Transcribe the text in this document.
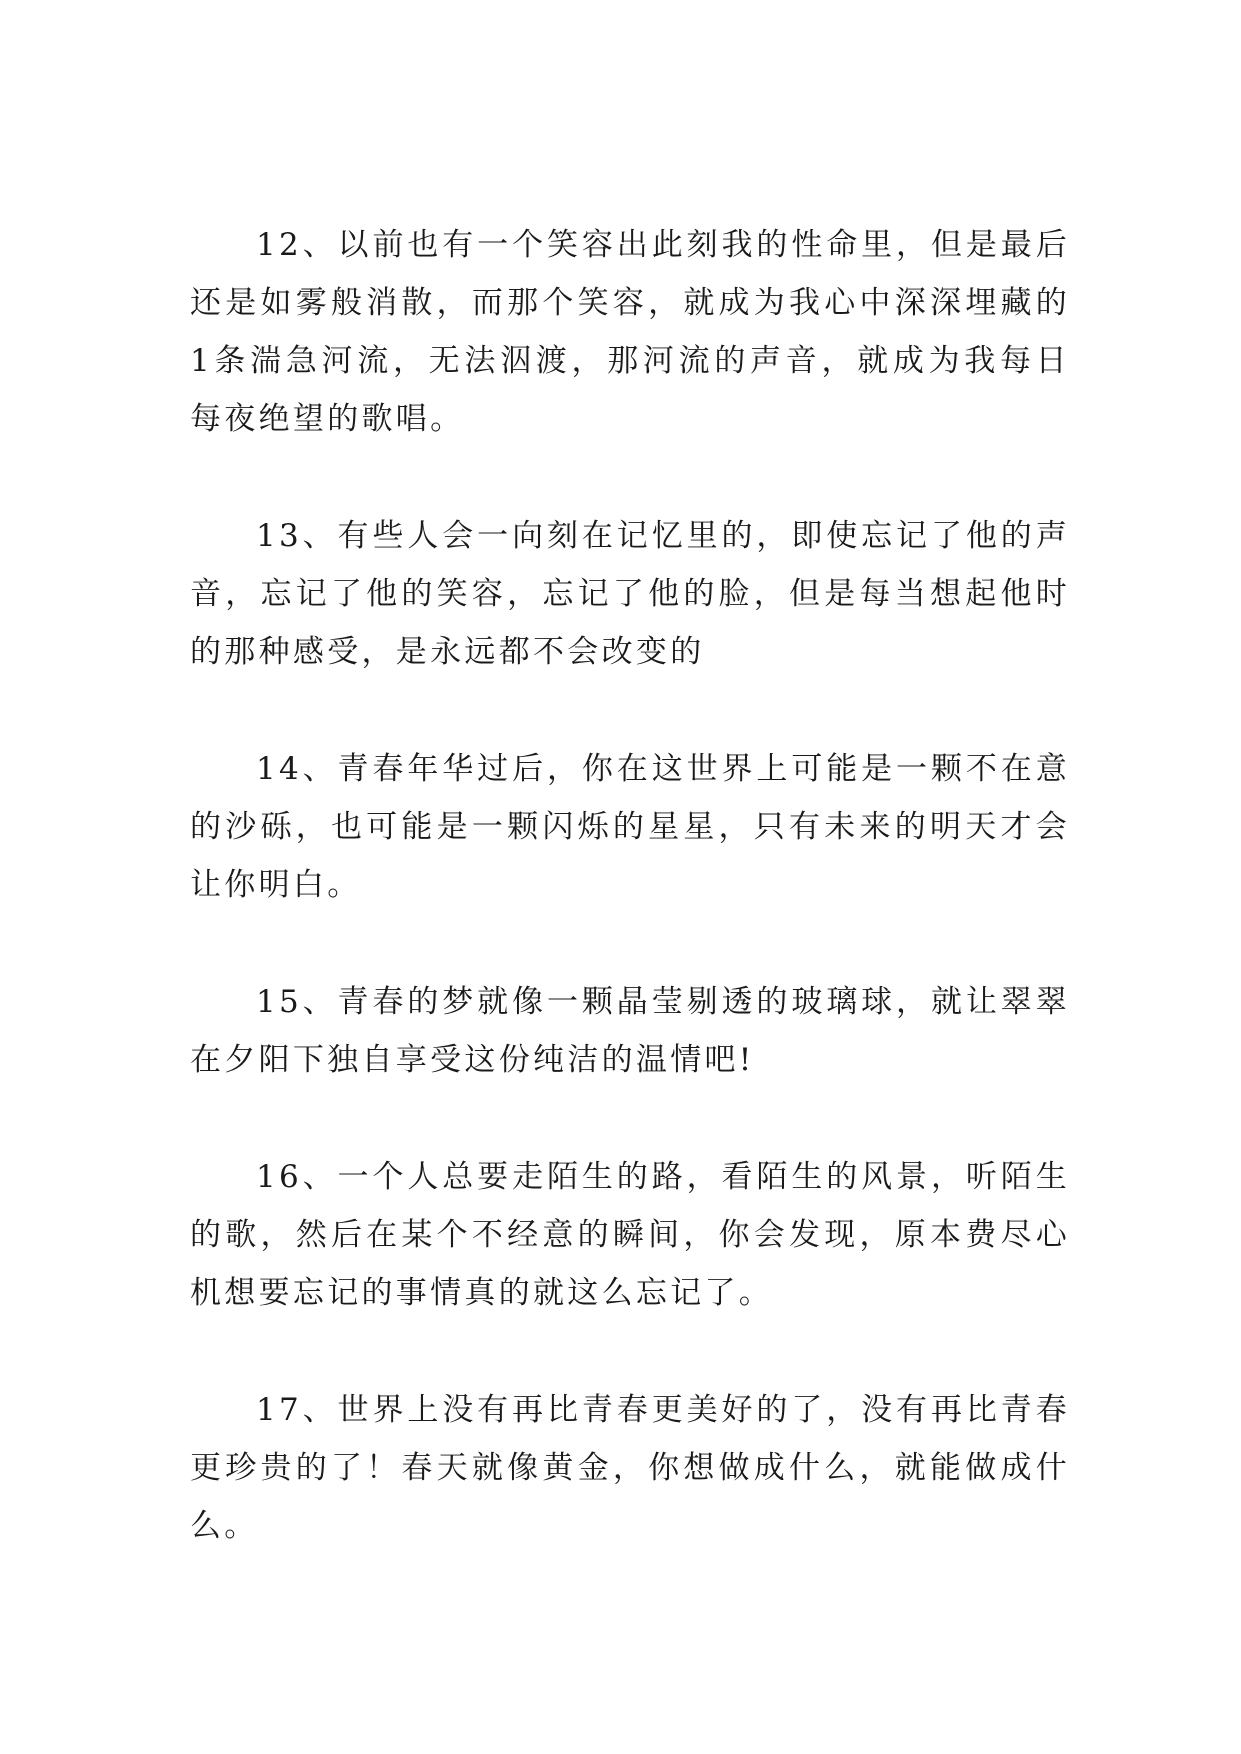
12、以前也有一个笑容出此刻我的性命里，但是最后还是如雾般消散，而那个笑容，就成为我心中深深埋藏的1条湍急河流，无法泅渡，那河流的声音，就成为我每日每夜绝望的歌唱。

13、有些人会一向刻在记忆里的，即使忘记了他的声音，忘记了他的笑容，忘记了他的脸，但是每当想起他时的那种感受，是永远都不会改变的

14、青春年华过后，你在这世界上可能是一颗不在意的沙砾，也可能是一颗闪烁的星星，只有未来的明天才会让你明白。

15、青春的梦就像一颗晶莹剔透的玻璃球，就让翠翠在夕阳下独自享受这份纯洁的温情吧!

16、一个人总要走陌生的路，看陌生的风景，听陌生的歌，然后在某个不经意的瞬间，你会发现，原本费尽心机想要忘记的事情真的就这么忘记了。

17、世界上没有再比青春更美好的了，没有再比青春更珍贵的了！春天就像黄金，你想做成什么，就能做成什么。
